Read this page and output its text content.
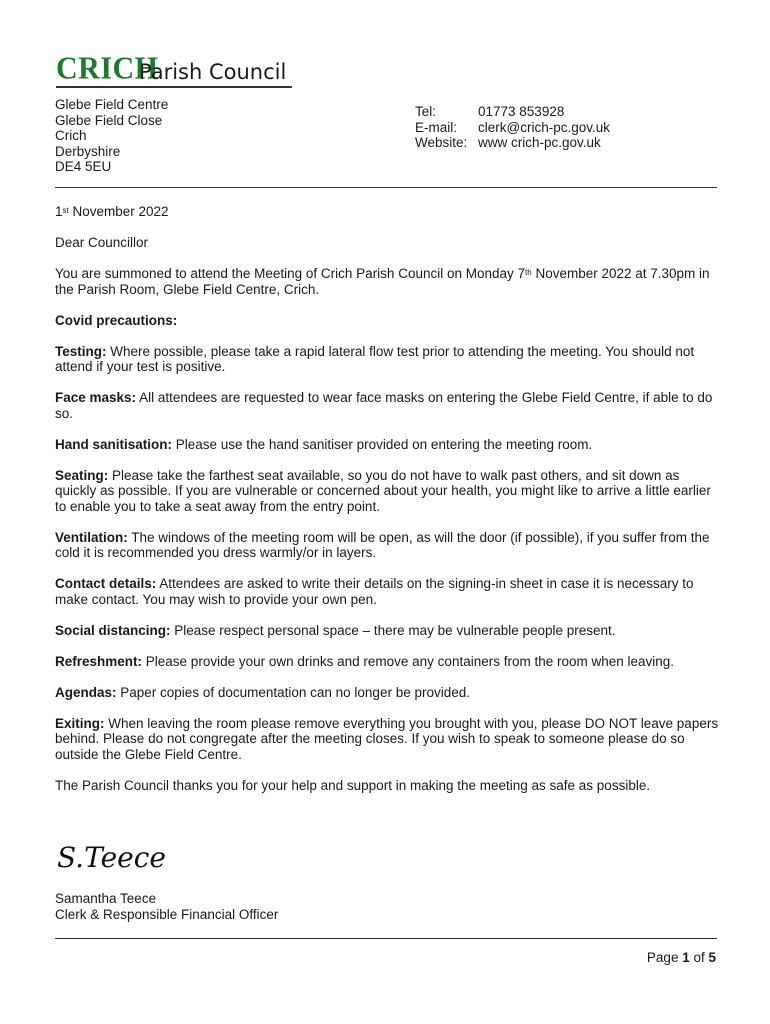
CRICH
Parish Council
Glebe Field Centre
Glebe Field Close
Crich
Derbyshire
DE4 5EU
Tel:	01773 853928
E-mail:	clerk@crich-pc.gov.uk
Website: www crich-pc.gov.uk

1st November 2022

Dear Councillor

You are summoned to attend the Meeting of Crich Parish Council on Monday 7th November 2022 at 7.30pm in the Parish Room, Glebe Field Centre, Crich.

Covid precautions:

Testing: Where possible, please take a rapid lateral flow test prior to attending the meeting. You should not attend if your test is positive.

Face masks: All attendees are requested to wear face masks on entering the Glebe Field Centre, if able to do so.

Hand sanitisation: Please use the hand sanitiser provided on entering the meeting room.

Seating: Please take the farthest seat available, so you do not have to walk past others, and sit down as quickly as possible. If you are vulnerable or concerned about your health, you might like to arrive a little earlier to enable you to take a seat away from the entry point.

Ventilation: The windows of the meeting room will be open, as will the door (if possible), if you suffer from the cold it is recommended you dress warmly/or in layers.

Contact details: Attendees are asked to write their details on the signing-in sheet in case it is necessary to make contact. You may wish to provide your own pen.

Social distancing: Please respect personal space – there may be vulnerable people present.

Refreshment: Please provide your own drinks and remove any containers from the room when leaving.

Agendas: Paper copies of documentation can no longer be provided.

Exiting: When leaving the room please remove everything you brought with you, please DO NOT leave papers behind. Please do not congregate after the meeting closes. If you wish to speak to someone please do so outside the Glebe Field Centre.

The Parish Council thanks you for your help and support in making the meeting as safe as possible.

S.Teece
Samantha Teece
Clerk & Responsible Financial Officer
Page 1 of 5
